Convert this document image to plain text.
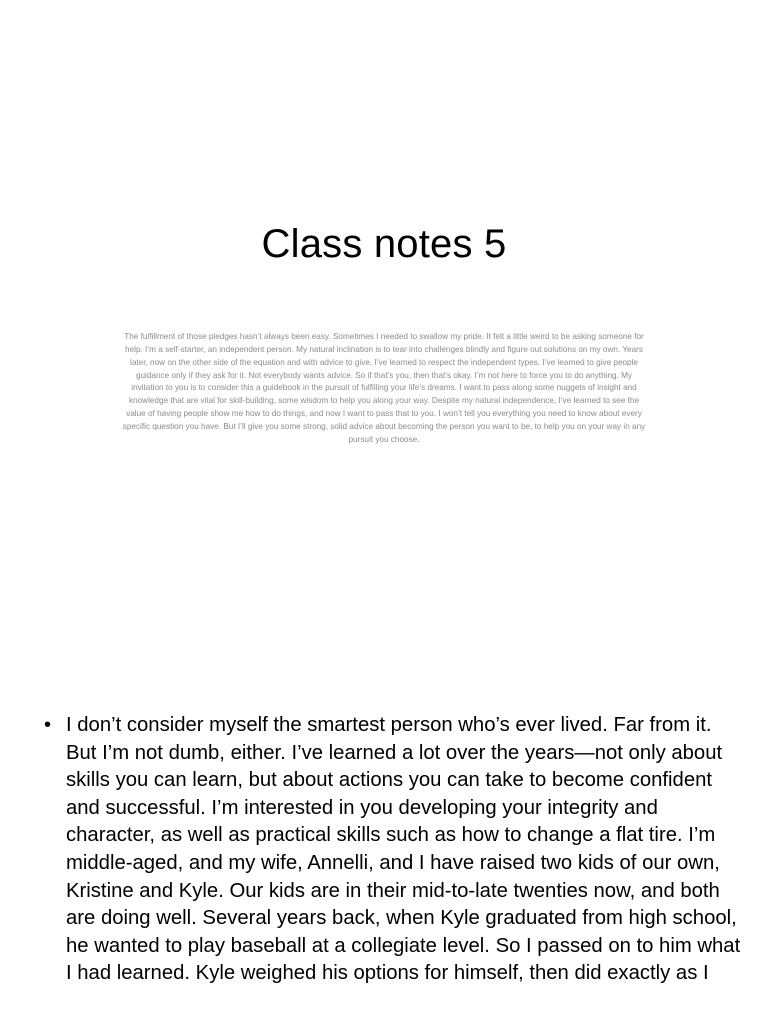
Class notes 5

The fulfillment of those pledges hasn’t always been easy. Sometimes I needed to swallow my pride. It felt a little weird to be asking someone for help. I’m a self-starter, an independent person. My natural inclination is to tear into challenges blindly and figure out solutions on my own. Years later, now on the other side of the equation and with advice to give, I’ve learned to respect the independent types. I’ve learned to give people guidance only if they ask for it. Not everybody wants advice. So if that’s you, then that’s okay. I’m not here to force you to do anything. My invitation to you is to consider this a guidebook in the pursuit of fulfilling your life’s dreams. I want to pass along some nuggets of insight and knowledge that are vital for skill-building, some wisdom to help you along your way. Despite my natural independence, I’ve learned to see the value of having people show me how to do things, and now I want to pass that to you. I won’t tell you everything you need to know about every specific question you have. But I’ll give you some strong, solid advice about becoming the person you want to be, to help you on your way in any pursuit you choose.

• I don’t consider myself the smartest person who’s ever lived. Far from it. But I’m not dumb, either. I’ve learned a lot over the years—not only about skills you can learn, but about actions you can take to become confident and successful. I’m interested in you developing your integrity and character, as well as practical skills such as how to change a flat tire. I’m middle-aged, and my wife, Annelli, and I have raised two kids of our own, Kristine and Kyle. Our kids are in their mid-to-late twenties now, and both are doing well. Several years back, when Kyle graduated from high school, he wanted to play baseball at a collegiate level. So I passed on to him what I had learned. Kyle weighed his options for himself, then did exactly as I
